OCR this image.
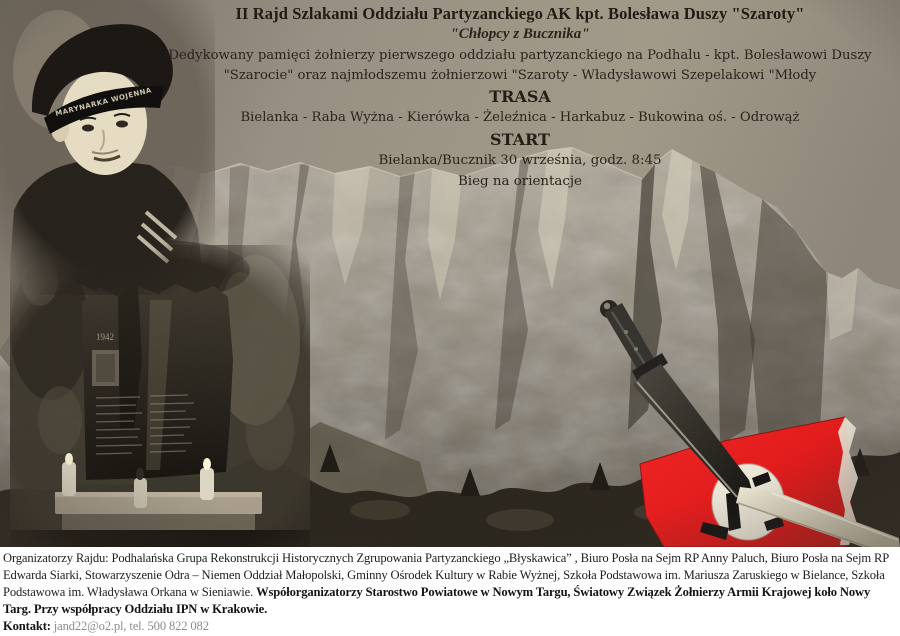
II Rajd Szlakami Oddziału Partyzanckiego AK kpt. Bolesława Duszy "Szaroty"
"Chłopcy z Bucznika"
Dedykowany pamięci żołnierzy pierwszego oddziału partyzanckiego na Podhalu - kpt. Bolesławowi Duszy
"Szarocie" oraz najmłodszemu żołnierzowi "Szaroty - Władysławowi Szepelakowi "Młody
TRASA
Bielanka - Raba Wyżna - Kierówka - Żeleźnica - Harkabuz - Bukowina oś. - Odrowąż
START
Bielanka/Bucznik 30 września, godz. 8:45
Bieg na orientacje

Organizatorzy Rajdu: Podhalańska Grupa Rekonstrukcji Historycznych Zgrupowania Partyzanckiego „Błyskawica” , Biuro Posła na Sejm RP Anny Paluch, Biuro Posła na Sejm RP Edwarda Siarki, Stowarzyszenie Odra – Niemen Oddział Małopolski, Gminny Ośrodek Kultury w Rabie Wyżnej, Szkoła Podstawowa im. Mariusza Zaruskiego w Bielance, Szkoła Podstawowa im. Władysława Orkana w Sieniawie. Współorganizatorzy Starostwo Powiatowe w Nowym Targu, Światowy Związek Żołnierzy Armii Krajowej koło Nowy Targ. Przy współpracy Oddziału IPN w Krakowie.

Kontakt: jand22@o2.pl, tel. 500 822 082
